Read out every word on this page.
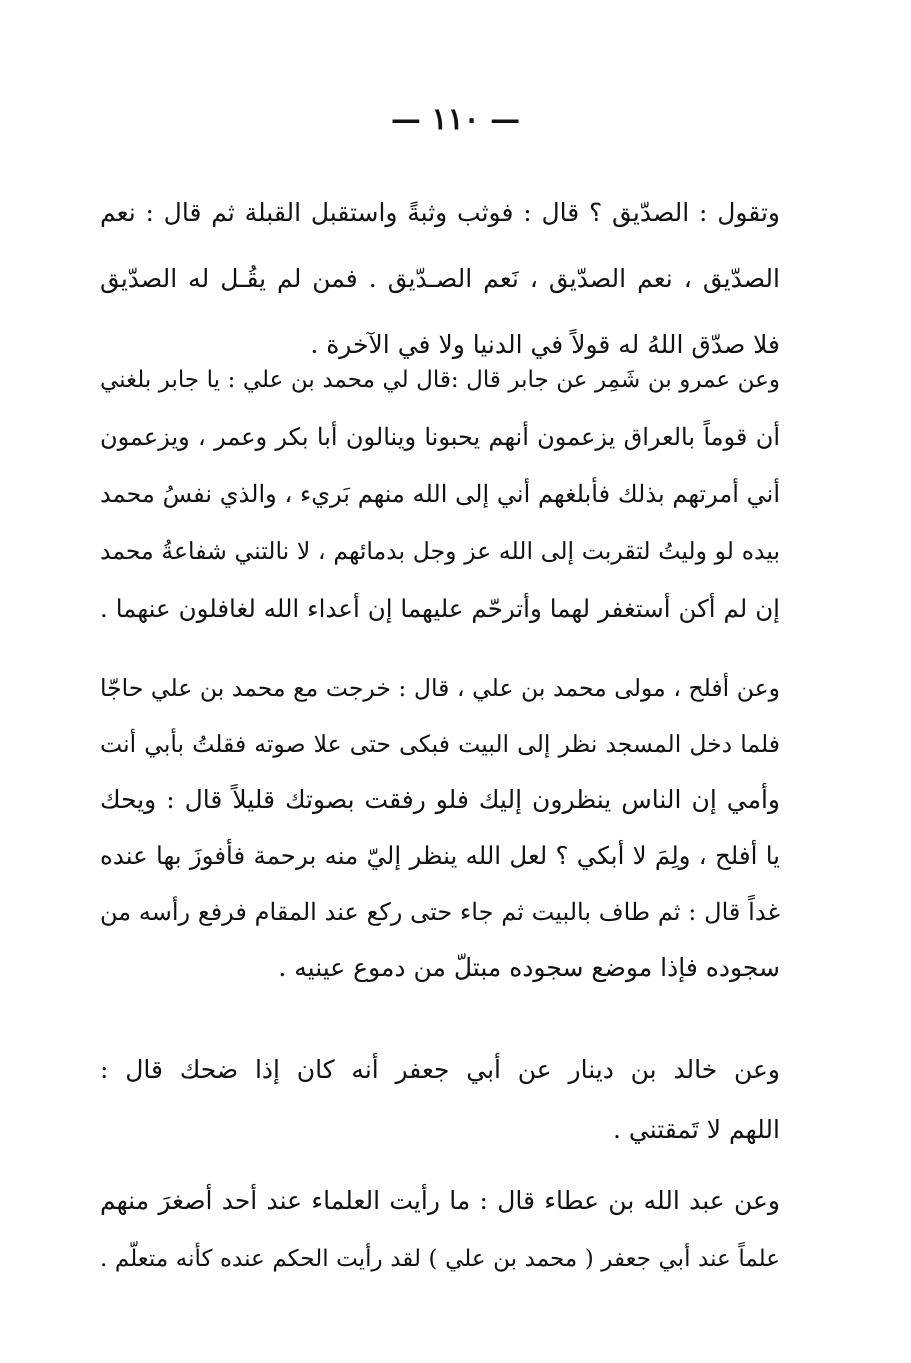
— ١١٠ —
وتقول : الصدّيق ؟ قال : فوثب وثبةً واستقبل القبلة ثم قال : نعم
الصدّيق ، نعم الصدّيق ، نَعم الصـدّيق . فمن لم يقُـل له الصدّيق
فلا صدّق اللهُ له قولاً في الدنيا ولا في الآخرة .
وعن عمرو بن شَمِر عن جابر قال :قال لي محمد بن علي : يا جابر بلغني
أن قوماً بالعراق يزعمون أنهم يحبونا وينالون أبا بكر وعمر ، ويزعمون
أني أمرتهم بذلك فأبلغهم أني إلى الله منهم بَريء ، والذي نفسُ محمد
بيده لو وليتُ لتقربت إلى الله عز وجل بدمائهم ، لا نالتني شفاعةُ محمد
إن لم أكن أستغفر لهما وأترحّم عليهما إن أعداء الله لغافلون عنهما .
وعن أفلح ، مولى محمد بن علي ، قال : خرجت مع محمد بن علي حاجّا
فلما دخل المسجد نظر إلى البيت فبكى حتى علا صوته فقلتُ بأبي أنت
وأمي إن الناس ينظرون إليك فلو رفقت بصوتك قليلاً قال : ويحك
يا أفلح ، ولِمَ لا أبكي ؟ لعل الله ينظر إليّ منه برحمة فأفوزَ بها عنده
غداً قال : ثم طاف بالبيت ثم جاء حتى ركع عند المقام فرفع رأسه من
سجوده فإذا موضع سجوده مبتلّ من دموع عينيه .
وعن خالد بن دينار عن أبي جعفر أنه كان إذا ضحك قال :
اللهم لا تَمقتني .
وعن عبد الله بن عطاء قال : ما رأيت العلماء عند أحد أصغرَ منهم
علماً عند أبي جعفر ( محمد بن علي ) لقد رأيت الحكم عنده كأنه متعلّم .
